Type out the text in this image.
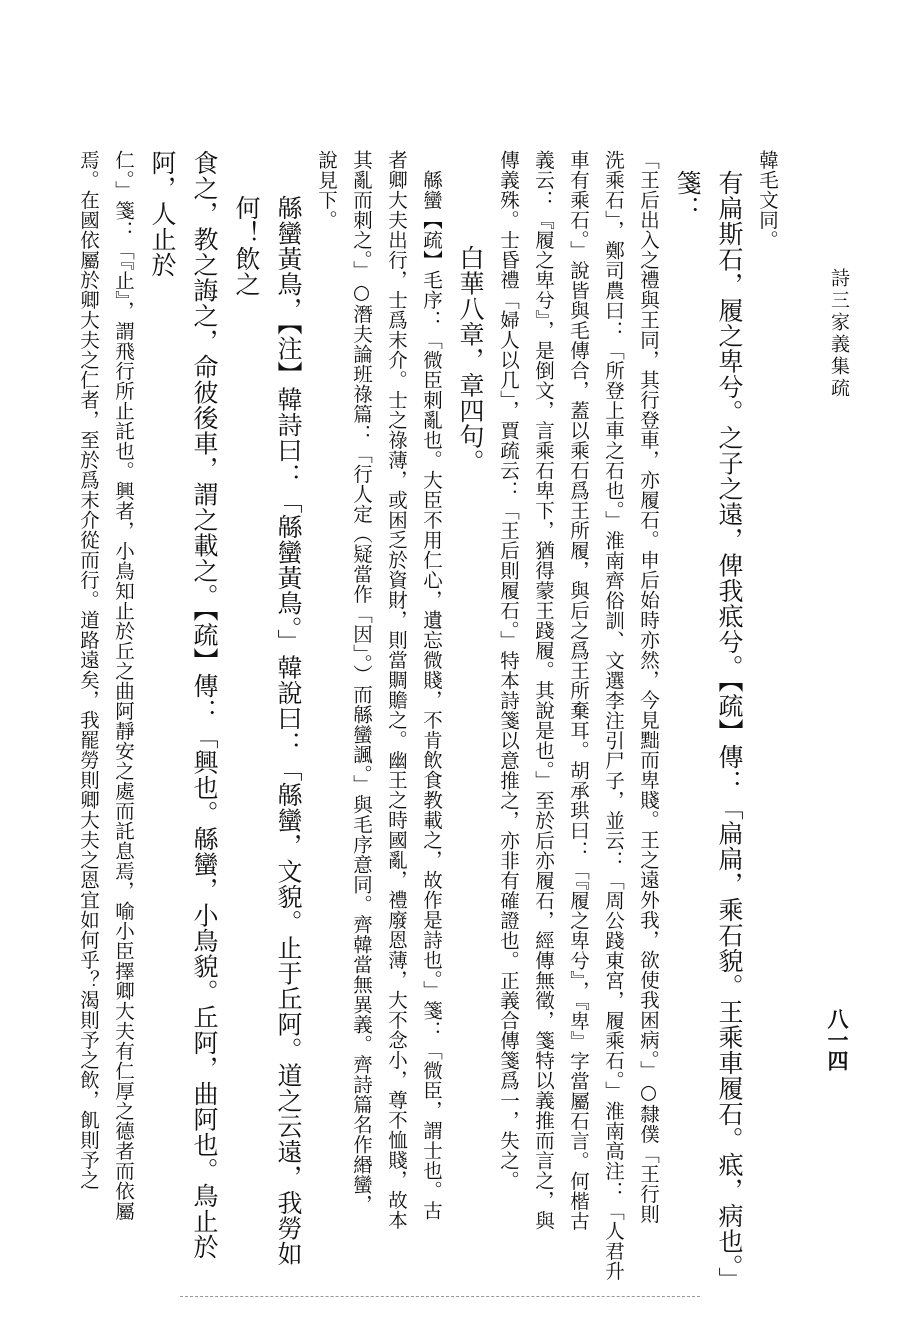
詩三家義集疏
八一四

韓毛文同。

有扁斯石，履之卑兮。之子之遠，俾我疷兮。【疏】傳：「扁扁，乘石貌。王乘車履石。疷，病也。」箋：

「王后出入之禮與王同，其行登車，亦履石。申后始時亦然，今見黜而卑賤。王之遠外我，欲使我困病。」○隸僕「王行則

洗乘石」，鄭司農曰：「所登上車之石也。」淮南齊俗訓、文選李注引尸子，並云：「周公踐東宮，履乘石。」淮南高注：「人君升

車有乘石。」說皆與毛傳合，蓋以乘石爲王所履，與后之爲王所棄耳。胡承珙曰：「『履之卑兮』，『卑』字當屬石言。何楷古

義云：『履之卑兮』，是倒文，言乘石卑下，猶得蒙王踐履。其說是也。」至於后亦履石，經傳無徵，箋特以義推而言之，與

傳義殊。士昏禮「婦人以几」，賈疏云：「王后則履石。」特本詩箋以意推之，亦非有確證也。正義合傳箋爲一，失之。

白華八章，章四句。

緜蠻【疏】毛序：「微臣刺亂也。大臣不用仁心，遺忘微賤，不肯飲食教載之，故作是詩也。」箋：「微臣，謂士也。古

者卿大夫出行，士爲末介。士之祿薄，或困乏於資財，則當賙贍之。幽王之時國亂，禮廢恩薄，大不念小，尊不恤賤，故本

其亂而刺之。」○潛夫論班祿篇：「行人定（疑當作「因」。）而緜蠻諷。」與毛序意同。齊韓當無異義。齊詩篇名作緡蠻，

說見下。

緜蠻黃鳥，【注】韓詩曰：「緜蠻黃鳥。」韓說曰：「緜蠻，文貌。止于丘阿。道之云遠，我勞如何！飲之

食之，教之誨之，命彼後車，謂之載之。【疏】傳：「興也。緜蠻，小鳥貌。丘阿，曲阿也。鳥止於阿，人止於

仁。」箋：「『止』，謂飛行所止託也。興者，小鳥知止於丘之曲阿靜安之處而託息焉，喻小臣擇卿大夫有仁厚之德者而依屬

焉。在國依屬於卿大夫之仁者，至於爲末介從而行。道路遠矣，我罷勞則卿大夫之恩宜如何乎？渴則予之飲，飢則予之
